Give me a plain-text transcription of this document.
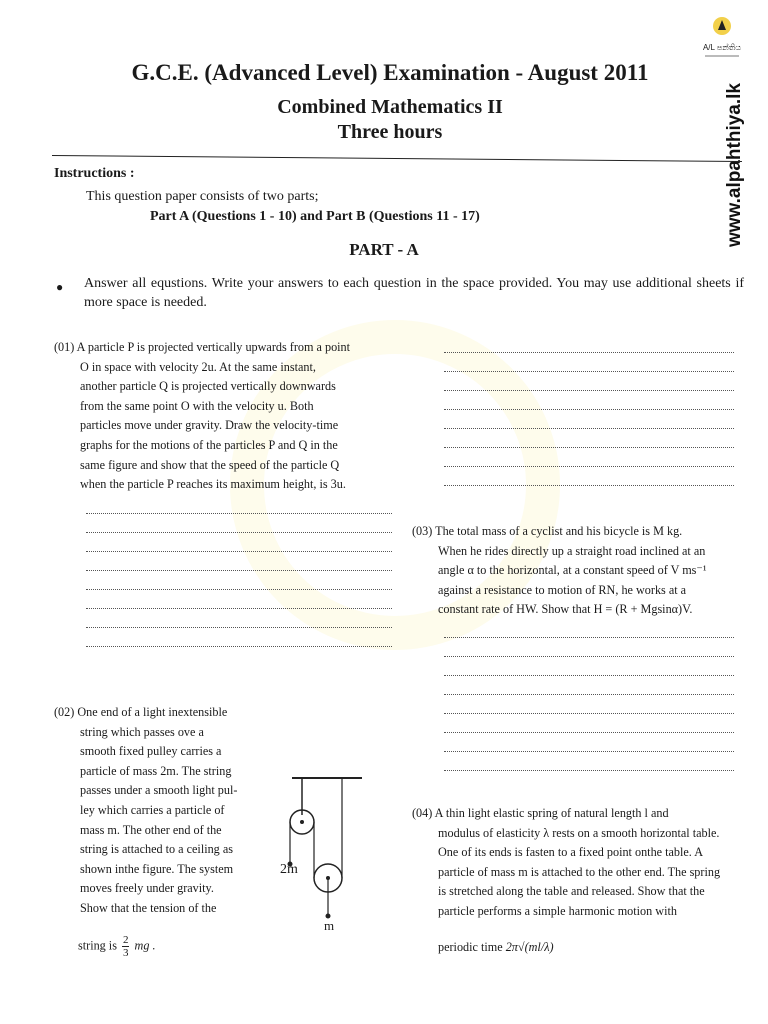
A/L පන්තිය
G.C.E. (Advanced Level) Examination - August 2011
Combined Mathematics II
Three hours	www.alpahthiya.lk
Instructions :
This question paper consists of two parts;
Part A (Questions 1 - 10) and Part B (Questions 11 - 17)
PART - A
● Answer all equstions. Write your answers to each question in the space provided. You may use additional sheets if more space is needed.
(01) A particle P is projected vertically upwards from a point
O in space with velocity 2u. At the same instant,
another particle Q is projected vertically downwards
from the same point O with the velocity u. Both
particles move under gravity. Draw the velocity-time
graphs for the motions of the particles P and Q in the
same figure and show that the speed of the particle Q
when the particle P reaches its maximum height, is 3u.
(03) The total mass of a cyclist and his bicycle is M kg.
When he rides directly up a straight road inclined at an
angle α to the horizontal, at a constant speed of V ms⁻¹
against a resistance to motion of RN, he works at a
constant rate of HW. Show that H = (R + Mgsinα)V.
(02) One end of a light inextensible
string which passes ove a
smooth fixed pulley carries a
particle of mass 2m. The string
passes under a smooth light pul-
ley which carries a particle of
mass m. The other end of the
string is attached to a ceiling as
shown inthe figure. The system
moves freely under gravity.
Show that the tension of the
string is $\frac{2}{3}$ mg .
2m
m
(04) A thin light elastic spring of natural length l and
modulus of elasticity λ rests on a smooth horizontal table.
One of its ends is fasten to a fixed point onthe table. A
particle of mass m is attached to the other end. The spring
is stretched along the table and released. Show that the
particle performs a simple harmonic motion with
periodic time 2π√(ml/λ)
